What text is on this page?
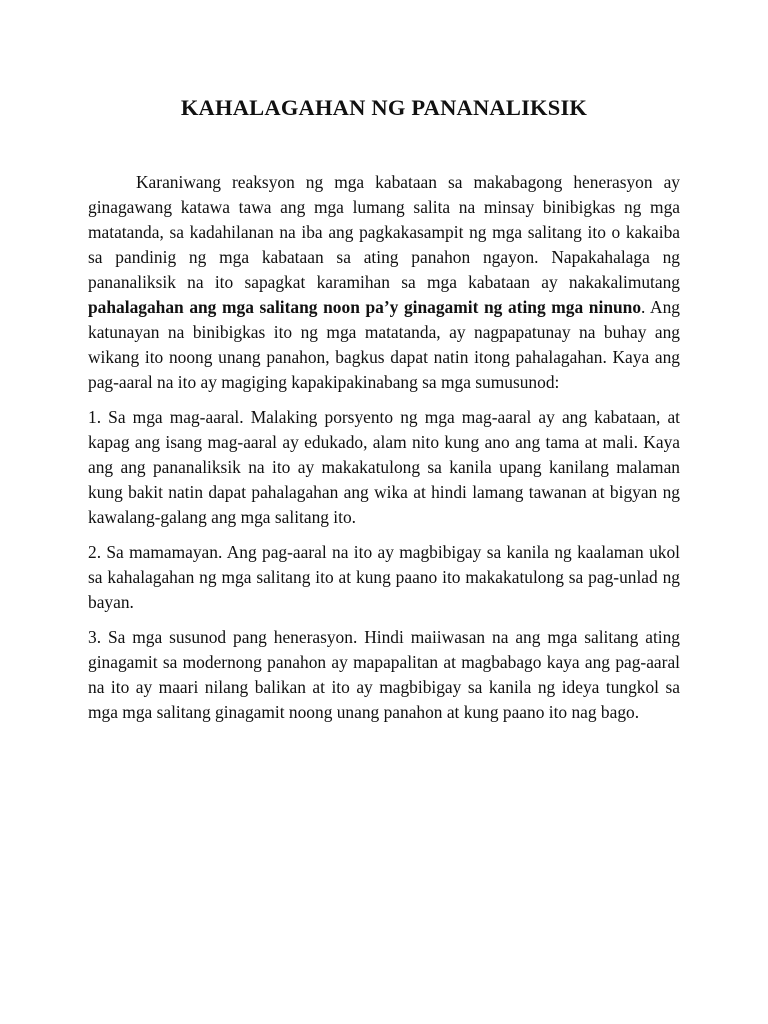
KAHALAGAHAN NG PANANALIKSIK

Karaniwang reaksyon ng mga kabataan sa makabagong henerasyon ay ginagawang katawa tawa ang mga lumang salita na minsay binibigkas ng mga matatanda, sa kadahilanan na iba ang pagkakasampit ng mga salitang ito o kakaiba sa pandinig ng mga kabataan sa ating panahon ngayon. Napakahalaga ng pananaliksik na ito sapagkat karamihan sa mga kabataan ay nakakalimutang pahalagahan ang mga salitang noon pa’y ginagamit ng ating mga ninuno. Ang katunayan na binibigkas ito ng mga matatanda, ay nagpapatunay na buhay ang wikang ito noong unang panahon, bagkus dapat natin itong pahalagahan. Kaya ang pag-aaral na ito ay magiging kapakipakinabang sa mga sumusunod:

1. Sa mga mag-aaral. Malaking porsyento ng mga mag-aaral ay ang kabataan, at kapag ang isang mag-aaral ay edukado, alam nito kung ano ang tama at mali. Kaya ang ang pananaliksik na ito ay makakatulong sa kanila upang kanilang malaman kung bakit natin dapat pahalagahan ang wika at hindi lamang tawanan at bigyan ng kawalang-galang ang mga salitang ito.

2. Sa mamamayan. Ang pag-aaral na ito ay magbibigay sa kanila ng kaalaman ukol sa kahalagahan ng mga salitang ito at kung paano ito makakatulong sa pag-unlad ng bayan.

3. Sa mga susunod pang henerasyon. Hindi maiiwasan na ang mga salitang ating ginagamit sa modernong panahon ay mapapalitan at magbabago kaya ang pag-aaral na ito ay maari nilang balikan at ito ay magbibigay sa kanila ng ideya tungkol sa mga mga salitang ginagamit noong unang panahon at kung paano ito nag bago.
